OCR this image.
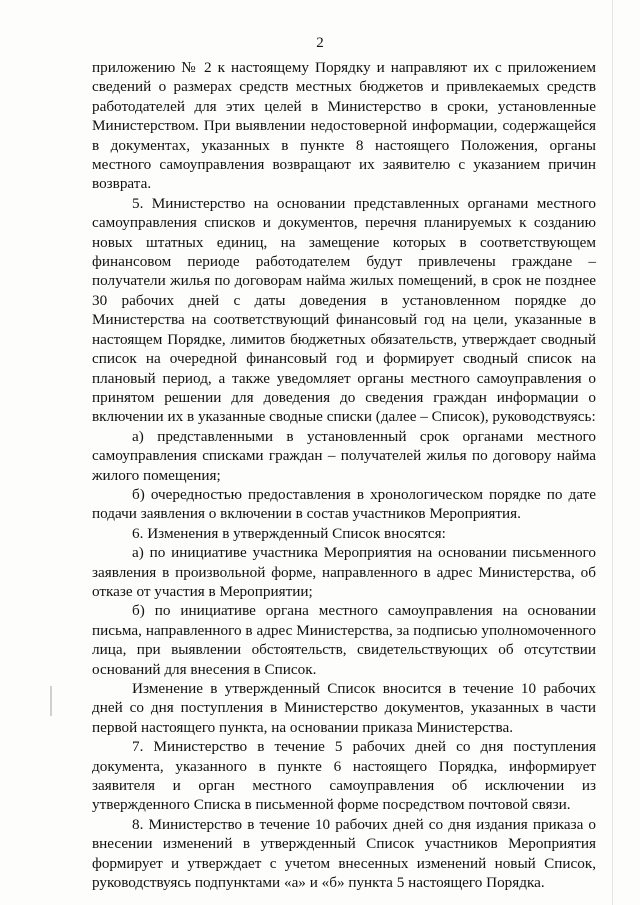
2

приложению № 2 к настоящему Порядку и направляют их с приложением сведений о размерах средств местных бюджетов и привлекаемых средств работодателей для этих целей в Министерство в сроки, установленные Министерством. При выявлении недостоверной информации, содержащейся в документах, указанных в пункте 8 настоящего Положения, органы местного самоуправления возвращают их заявителю с указанием причин возврата.

5. Министерство на основании представленных органами местного самоуправления списков и документов, перечня планируемых к созданию новых штатных единиц, на замещение которых в соответствующем финансовом периоде работодателем будут привлечены граждане – получатели жилья по договорам найма жилых помещений, в срок не позднее 30 рабочих дней с даты доведения в установленном порядке до Министерства на соответствующий финансовый год на цели, указанные в настоящем Порядке, лимитов бюджетных обязательств, утверждает сводный список на очередной финансовый год и формирует сводный список на плановый период, а также уведомляет органы местного самоуправления о принятом решении для доведения до сведения граждан информации о включении их в указанные сводные списки (далее – Список), руководствуясь:

а) представленными в установленный срок органами местного самоуправления списками граждан – получателей жилья по договору найма жилого помещения;

б) очередностью предоставления в хронологическом порядке по дате подачи заявления о включении в состав участников Мероприятия.

6. Изменения в утвержденный Список вносятся:

а) по инициативе участника Мероприятия на основании письменного заявления в произвольной форме, направленного в адрес Министерства, об отказе от участия в Мероприятии;

б) по инициативе органа местного самоуправления на основании письма, направленного в адрес Министерства, за подписью уполномоченного лица, при выявлении обстоятельств, свидетельствующих об отсутствии оснований для внесения в Список.

Изменение в утвержденный Список вносится в течение 10 рабочих дней со дня поступления в Министерство документов, указанных в части первой настоящего пункта, на основании приказа Министерства.

7. Министерство в течение 5 рабочих дней со дня поступления документа, указанного в пункте 6 настоящего Порядка, информирует заявителя и орган местного самоуправления об исключении из утвержденного Списка в письменной форме посредством почтовой связи.

8. Министерство в течение 10 рабочих дней со дня издания приказа о внесении изменений в утвержденный Список участников Мероприятия формирует и утверждает с учетом внесенных изменений новый Список, руководствуясь подпунктами «а» и «б» пункта 5 настоящего Порядка.
